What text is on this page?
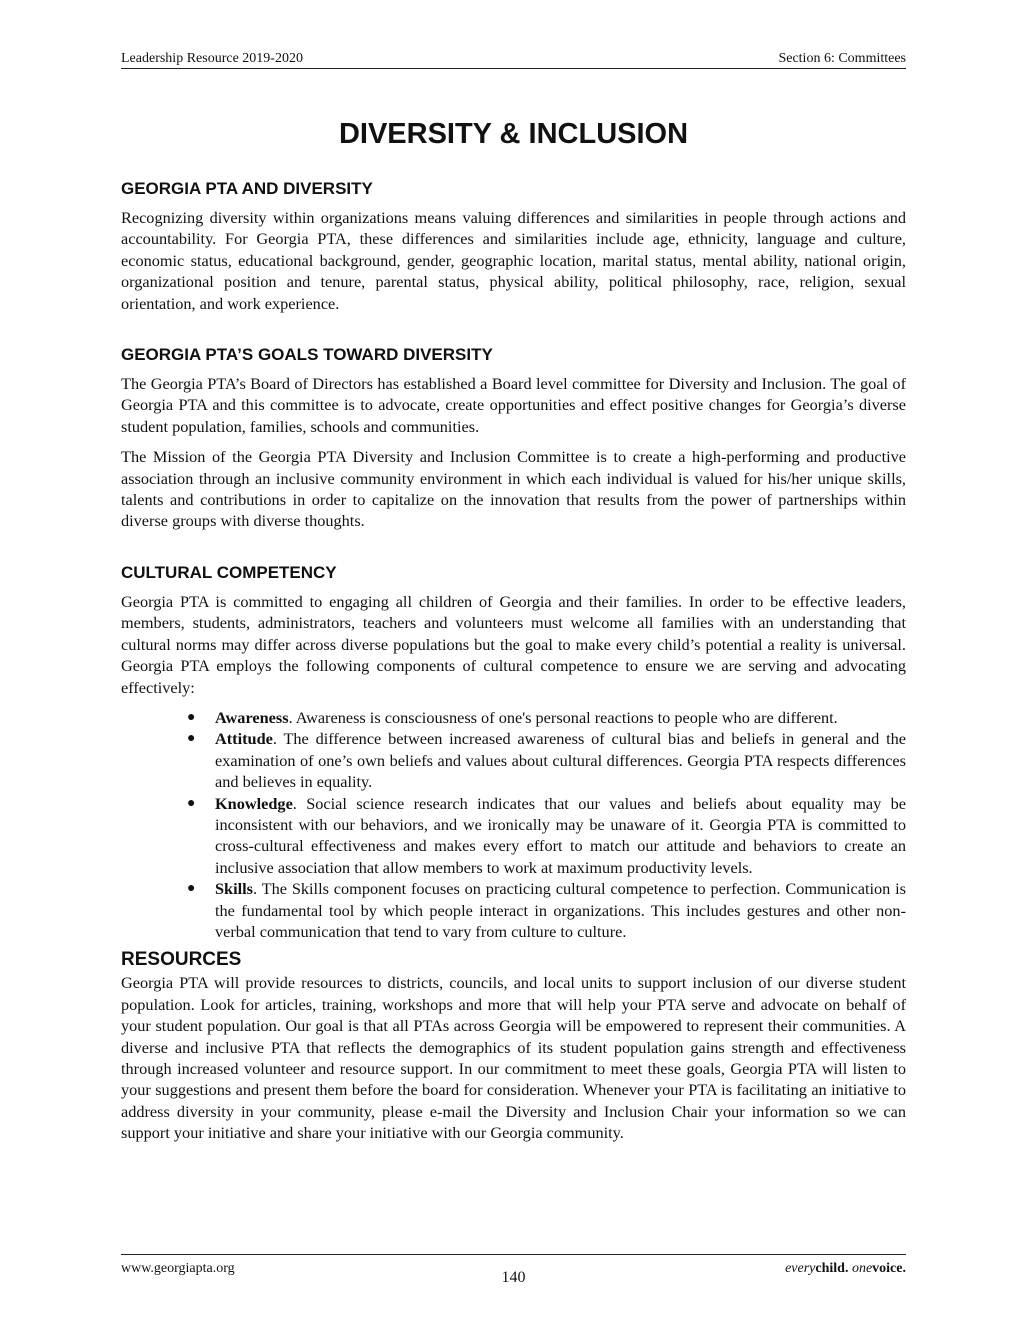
Leadership Resource 2019-2020	Section 6: Committees
DIVERSITY & INCLUSION
GEORGIA PTA AND DIVERSITY

Recognizing diversity within organizations means valuing differences and similarities in people through actions and accountability. For Georgia PTA, these differences and similarities include age, ethnicity, language and culture, economic status, educational background, gender, geographic location, marital status, mental ability, national origin, organizational position and tenure, parental status, physical ability, political philosophy, race, religion, sexual orientation, and work experience.

GEORGIA PTA’S GOALS TOWARD DIVERSITY

The Georgia PTA’s Board of Directors has established a Board level committee for Diversity and Inclusion. The goal of Georgia PTA and this committee is to advocate, create opportunities and effect positive changes for Georgia’s diverse student population, families, schools and communities.

The Mission of the Georgia PTA Diversity and Inclusion Committee is to create a high-performing and productive association through an inclusive community environment in which each individual is valued for his/her unique skills, talents and contributions in order to capitalize on the innovation that results from the power of partnerships within diverse groups with diverse thoughts.

CULTURAL COMPETENCY

Georgia PTA is committed to engaging all children of Georgia and their families. In order to be effective leaders, members, students, administrators, teachers and volunteers must welcome all families with an understanding that cultural norms may differ across diverse populations but the goal to make every child’s potential a reality is universal. Georgia PTA employs the following components of cultural competence to ensure we are serving and advocating effectively:

● Awareness. Awareness is consciousness of one's personal reactions to people who are different.
● Attitude. The difference between increased awareness of cultural bias and beliefs in general and the examination of one’s own beliefs and values about cultural differences. Georgia PTA respects differences and believes in equality.
● Knowledge. Social science research indicates that our values and beliefs about equality may be inconsistent with our behaviors, and we ironically may be unaware of it. Georgia PTA is committed to cross-cultural effectiveness and makes every effort to match our attitude and behaviors to create an inclusive association that allow members to work at maximum productivity levels.
● Skills. The Skills component focuses on practicing cultural competence to perfection. Communication is the fundamental tool by which people interact in organizations. This includes gestures and other non-verbal communication that tend to vary from culture to culture.
RESOURCES

Georgia PTA will provide resources to districts, councils, and local units to support inclusion of our diverse student population. Look for articles, training, workshops and more that will help your PTA serve and advocate on behalf of your student population. Our goal is that all PTAs across Georgia will be empowered to represent their communities. A diverse and inclusive PTA that reflects the demographics of its student population gains strength and effectiveness through increased volunteer and resource support. In our commitment to meet these goals, Georgia PTA will listen to your suggestions and present them before the board for consideration. Whenever your PTA is facilitating an initiative to address diversity in your community, please e-mail the Diversity and Inclusion Chair your information so we can support your initiative and share your initiative with our Georgia community.

www.georgiapta.org
140
everychild. onevoice.
